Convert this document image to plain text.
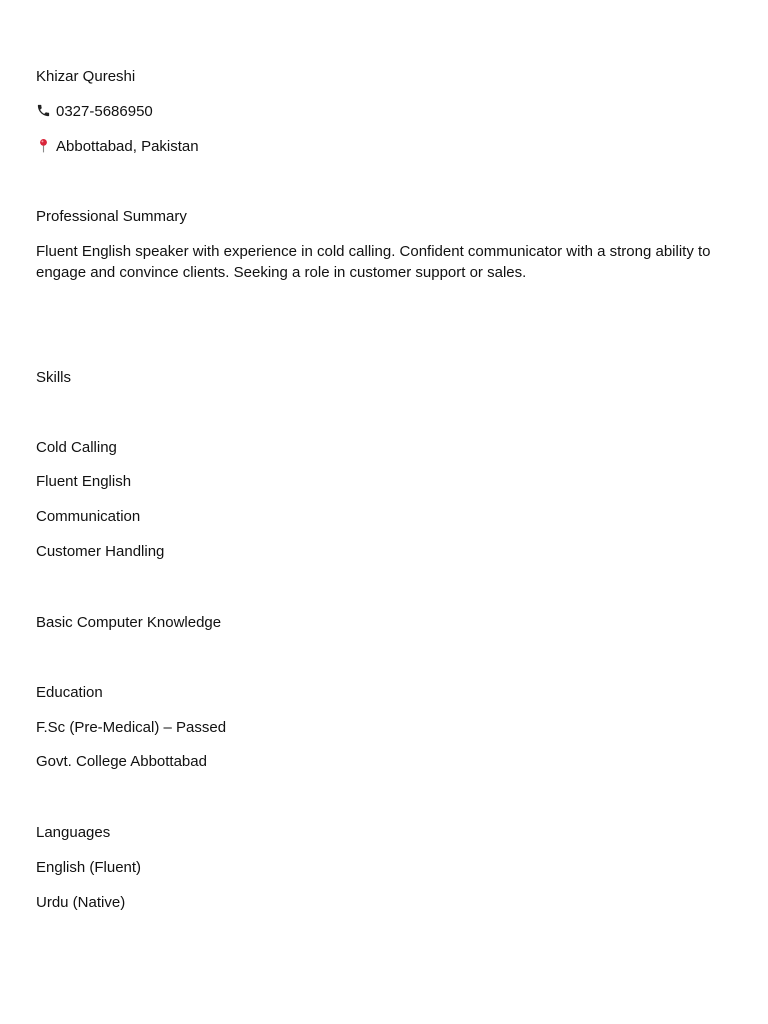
Khizar Qureshi
0327-5686950
Abbottabad, Pakistan
Professional Summary
Fluent English speaker with experience in cold calling. Confident communicator with a strong ability to engage and convince clients. Seeking a role in customer support or sales.
Skills
Cold Calling
Fluent English
Communication
Customer Handling
Basic Computer Knowledge
Education
F.Sc (Pre-Medical) – Passed
Govt. College Abbottabad
Languages
English (Fluent)
Urdu (Native)
